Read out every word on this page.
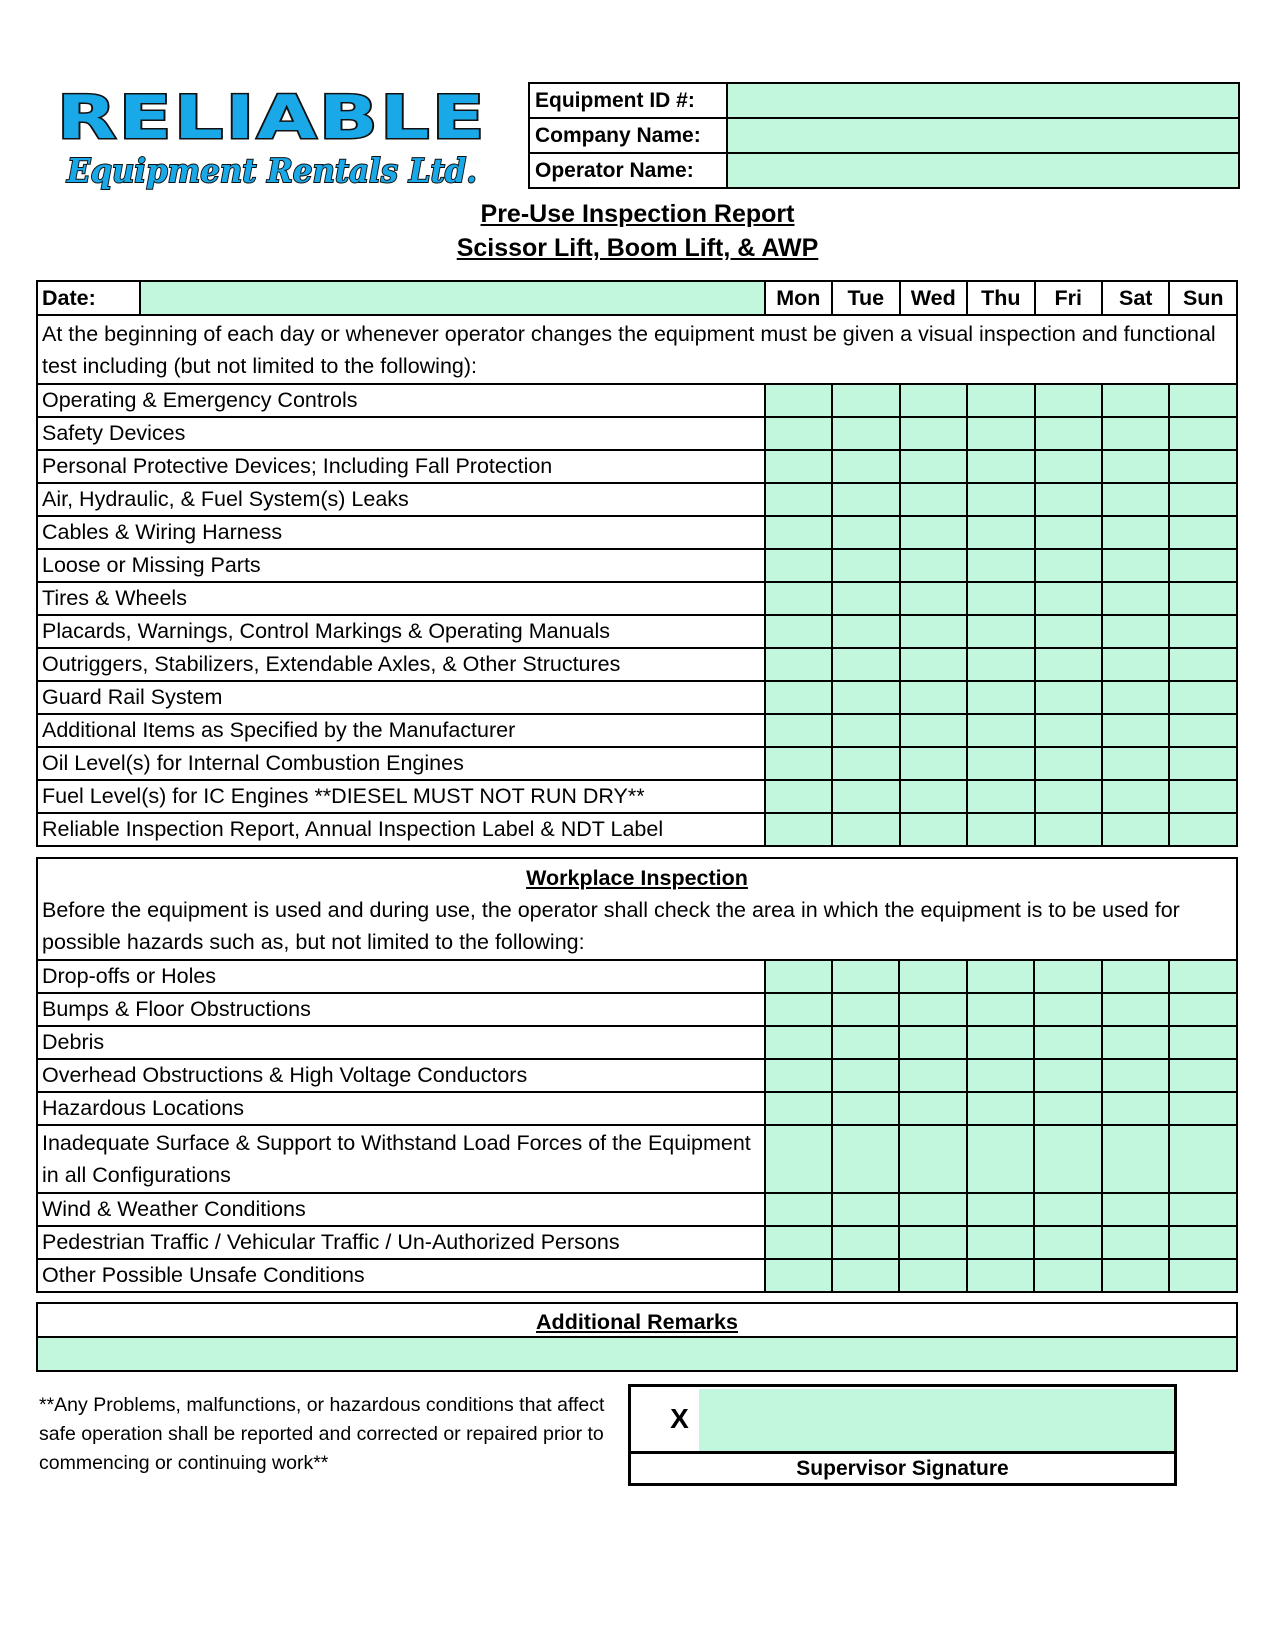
RELIABLE
Equipment Rentals Ltd.
Equipment ID #:	
Company Name:	
Operator Name:	
Pre-Use Inspection Report
Scissor Lift, Boom Lift, & AWP
Date:		Mon	Tue	Wed	Thu	Fri	Sat	Sun
At the beginning of each day or whenever operator changes the equipment must be given a visual inspection and functional test including (but not limited to the following):								
Operating & Emergency Controls								
Safety Devices								
Personal Protective Devices; Including Fall Protection								
Air, Hydraulic, & Fuel System(s) Leaks								
Cables & Wiring Harness								
Loose or Missing Parts								
Tires & Wheels								
Placards, Warnings, Control Markings & Operating Manuals								
Outriggers, Stabilizers, Extendable Axles, & Other Structures								
Guard Rail System								
Additional Items as Specified by the Manufacturer								
Oil Level(s) for Internal Combustion Engines								
Fuel Level(s) for IC Engines **DIESEL MUST NOT RUN DRY**								
Reliable Inspection Report, Annual Inspection Label & NDT Label								
Workplace Inspection							
Before the equipment is used and during use, the operator shall check the area in which the equipment is to be used for possible hazards such as, but not limited to the following:							
Drop-offs or Holes							
Bumps & Floor Obstructions							
Debris							
Overhead Obstructions & High Voltage Conductors							
Hazardous Locations							
Inadequate Surface & Support to Withstand Load Forces of the Equipment in all Configurations							
Wind & Weather Conditions							
Pedestrian Traffic / Vehicular Traffic / Un-Authorized Persons							
Other Possible Unsafe Conditions							
Additional Remarks

**Any Problems, malfunctions, or hazardous conditions that affect safe operation shall be reported and corrected or repaired prior to commencing or continuing work**
X
Supervisor Signature
